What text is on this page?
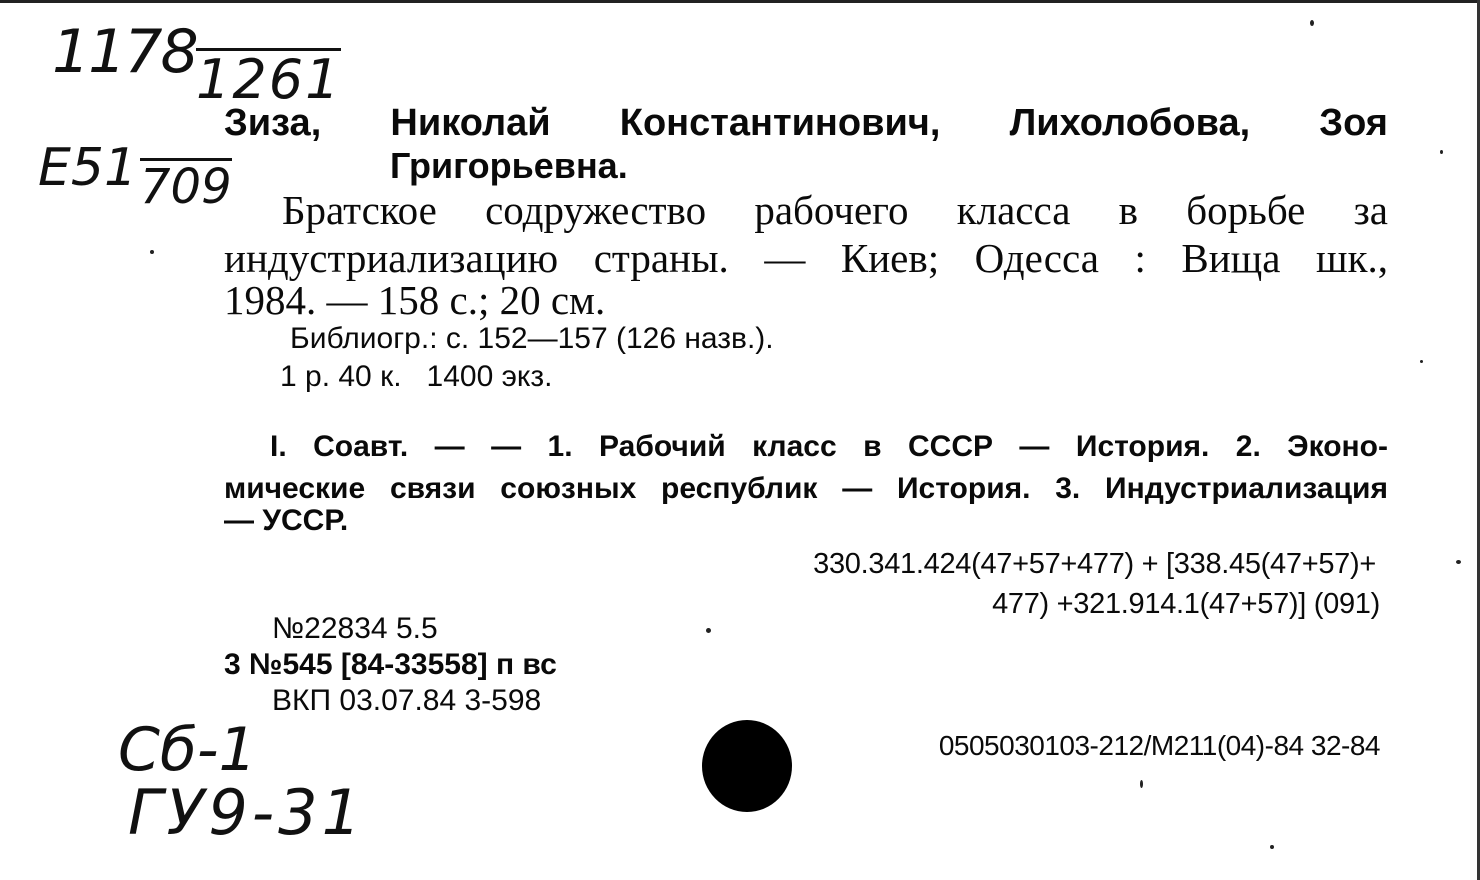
1178 1261
E51 709
Зиза, Николай Константинович, Лихолобова, Зоя
Григорьевна.
Братское содружество рабочего класса в борьбе за
индустриализацию страны. — Киев; Одесса : Вища шк.,
1984. — 158 с.; 20 см.
Библиогр.: с. 152—157 (126 назв.).
1 р. 40 к.   1400 экз.
I. Соавт. — — 1. Рабочий класс в СССР — История. 2. Эконо-
мические связи союзных республик — История. 3. Индустриализация
— УССР.
330.341.424(47+57+477) + [338.45(47+57)+
477) +321.914.1(47+57)] (091)
№22834 5.5
3 №545 [84-33558] п вс
ВКП 03.07.84 3-598
0505030103-212/М211(04)-84 32-84
Сб-1
ГУ9-31
